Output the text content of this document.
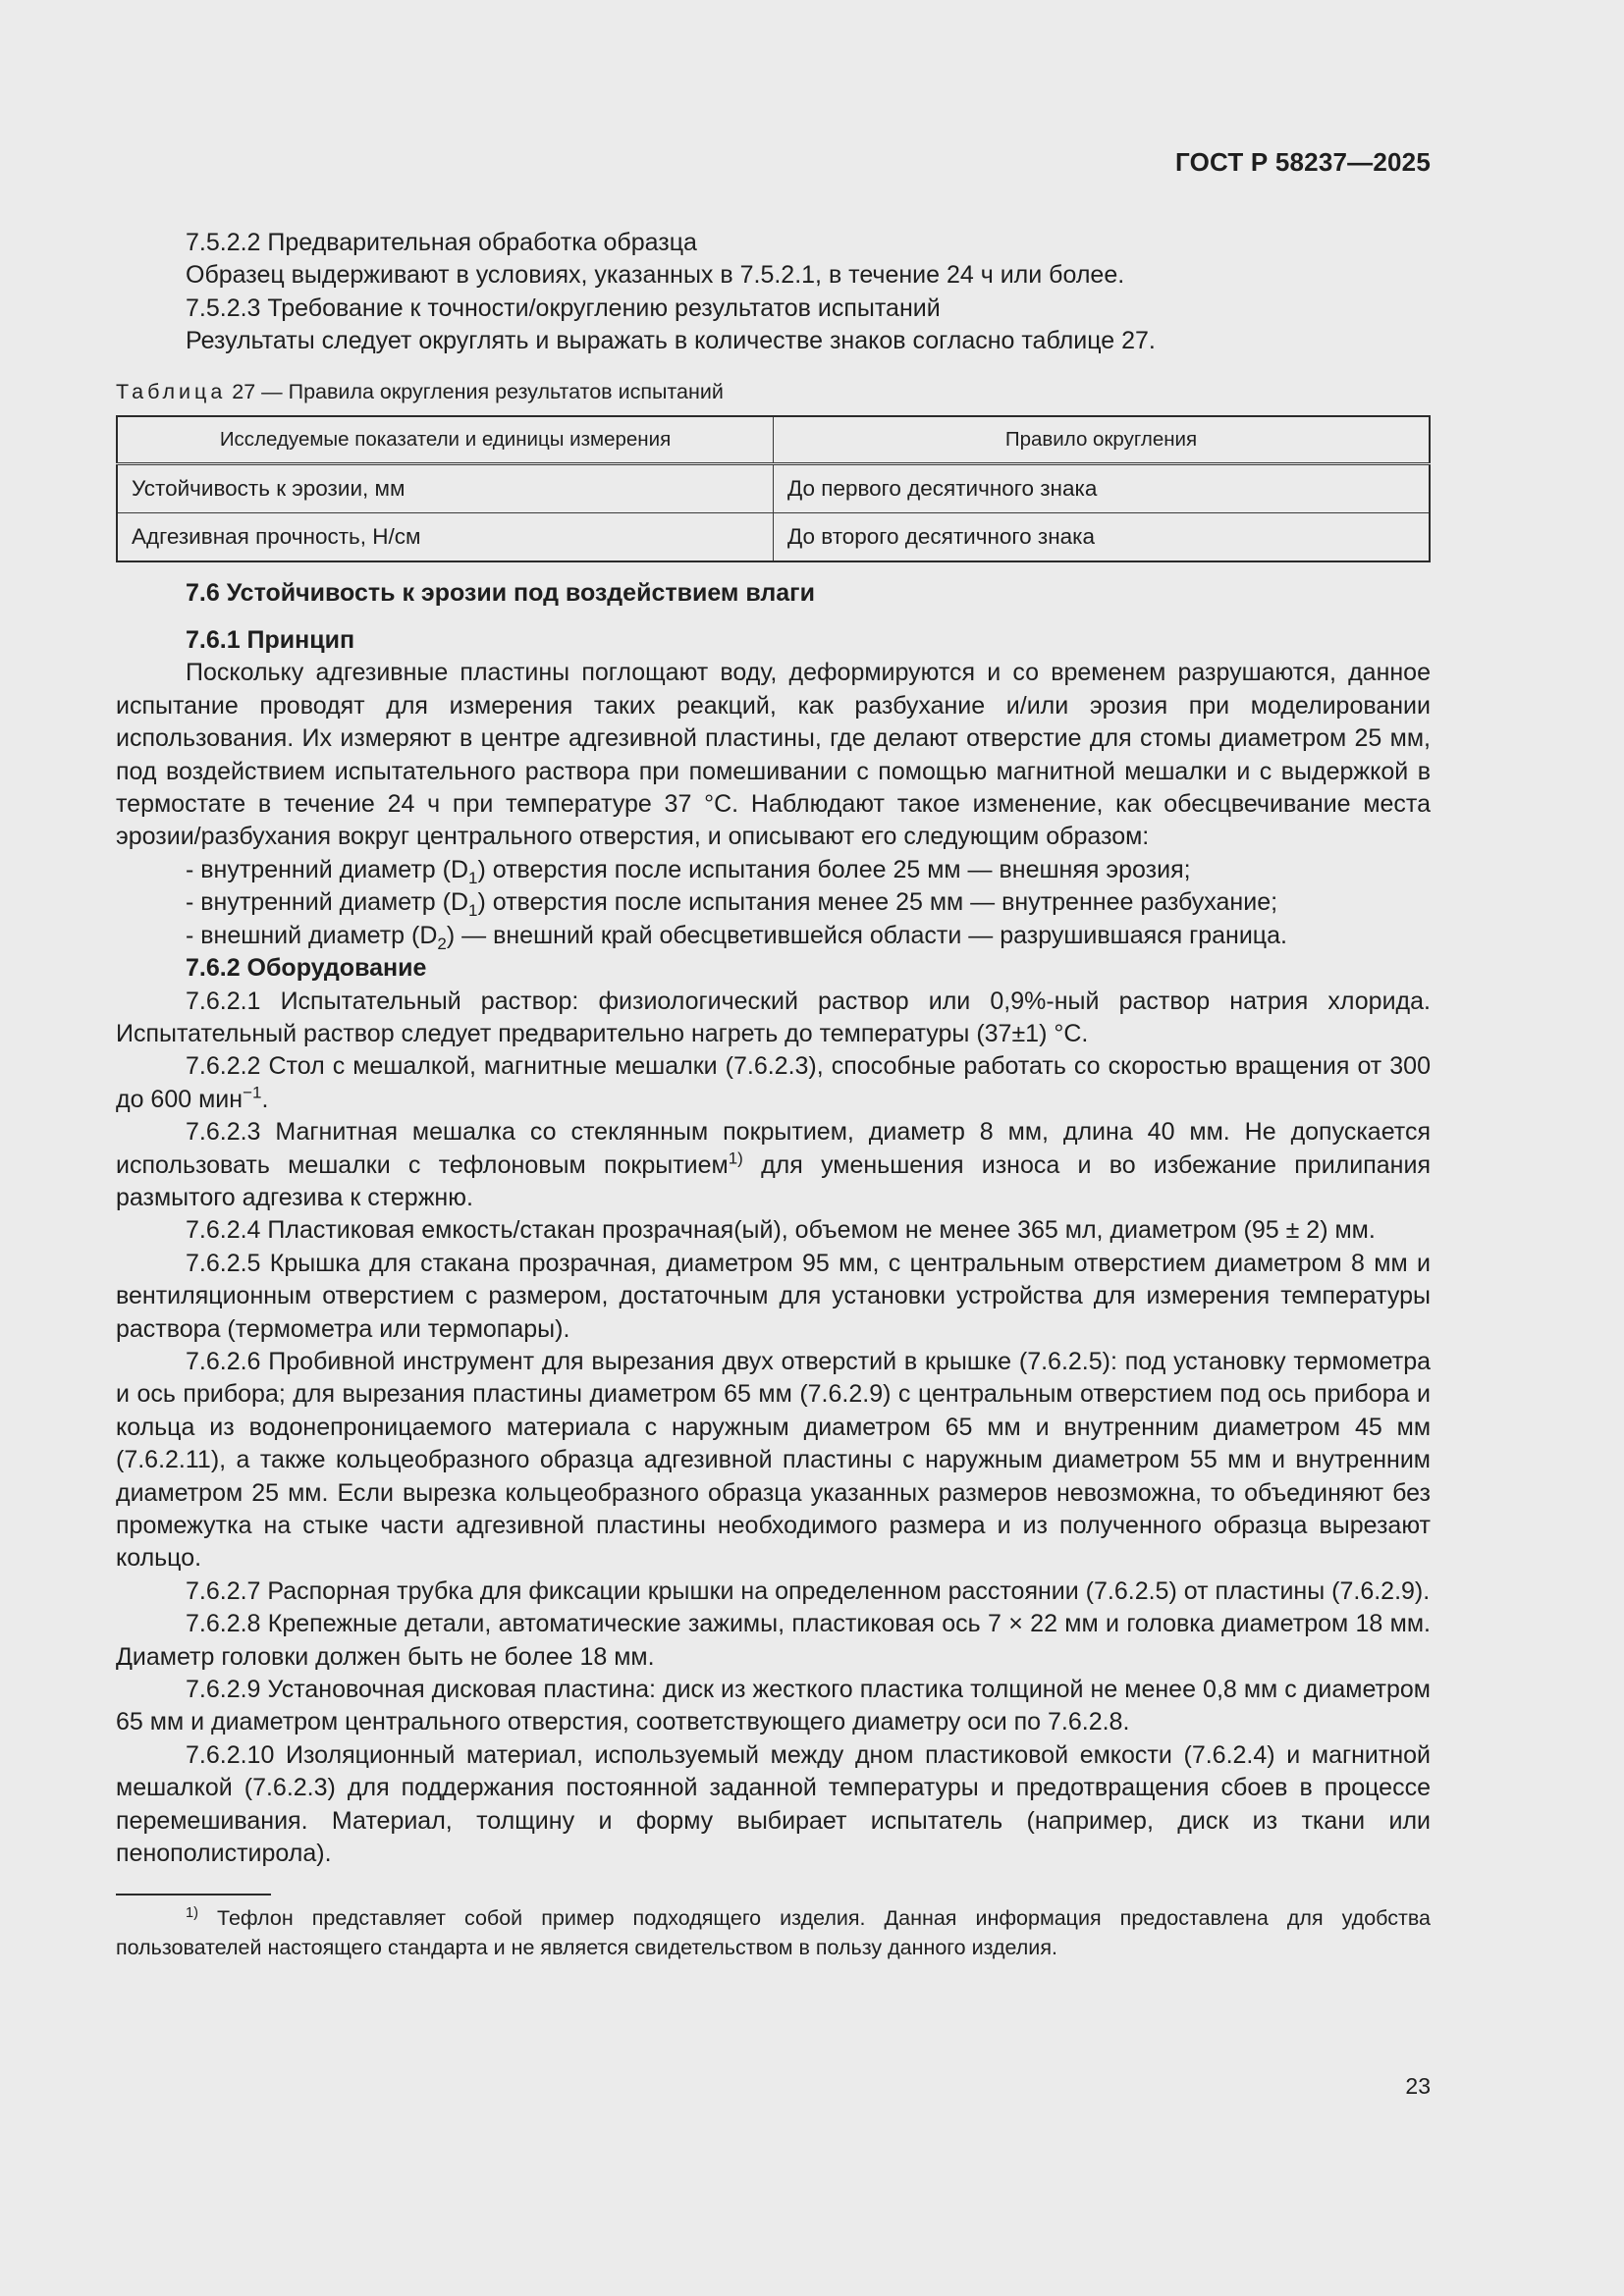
ГОСТ Р 58237—2025

7.5.2.2 Предварительная обработка образца

Образец выдерживают в условиях, указанных в 7.5.2.1, в течение 24 ч или более.

7.5.2.3 Требование к точности/округлению результатов испытаний

Результаты следует округлять и выражать в количестве знаков согласно таблице 27.

Таблица 27 — Правила округления результатов испытаний

Исследуемые показатели и единицы измерения	Правило округления
Устойчивость к эрозии, мм	До первого десятичного знака
Адгезивная прочность, Н/см	До второго десятичного знака

7.6 Устойчивость к эрозии под воздействием влаги

7.6.1 Принцип

Поскольку адгезивные пластины поглощают воду, деформируются и со временем разрушаются, данное испытание проводят для измерения таких реакций, как разбухание и/или эрозия при моделировании использования. Их измеряют в центре адгезивной пластины, где делают отверстие для стомы диаметром 25 мм, под воздействием испытательного раствора при помешивании с помощью магнитной мешалки и с выдержкой в термостате в течение 24 ч при температуре 37 °С. Наблюдают такое изменение, как обесцвечивание места эрозии/разбухания вокруг центрального отверстия, и описывают его следующим образом:

- внутренний диаметр $(D_1)$ отверстия после испытания более 25 мм — внешняя эрозия;

- внутренний диаметр $(D_1)$ отверстия после испытания менее 25 мм — внутреннее разбухание;

- внешний диаметр $(D_2)$ — внешний край обесцветившейся области — разрушившаяся граница.

7.6.2 Оборудование

7.6.2.1 Испытательный раствор: физиологический раствор или 0,9%-ный раствор натрия хлорида. Испытательный раствор следует предварительно нагреть до температуры (37±1) °С.

7.6.2.2 Стол с мешалкой, магнитные мешалки (7.6.2.3), способные работать со скоростью вращения от 300 до 600 мин$^{-1}$.

7.6.2.3 Магнитная мешалка со стеклянным покрытием, диаметр 8 мм, длина 40 мм. Не допускается использовать мешалки с тефлоновым покрытием$^{1)}$ для уменьшения износа и во избежание прилипания размытого адгезива к стержню.

7.6.2.4 Пластиковая емкость/стакан прозрачная(ый), объемом не менее 365 мл, диаметром (95 ± 2) мм.

7.6.2.5 Крышка для стакана прозрачная, диаметром 95 мм, с центральным отверстием диаметром 8 мм и вентиляционным отверстием с размером, достаточным для установки устройства для измерения температуры раствора (термометра или термопары).

7.6.2.6 Пробивной инструмент для вырезания двух отверстий в крышке (7.6.2.5): под установку термометра и ось прибора; для вырезания пластины диаметром 65 мм (7.6.2.9) с центральным отверстием под ось прибора и кольца из водонепроницаемого материала с наружным диаметром 65 мм и внутренним диаметром 45 мм (7.6.2.11), а также кольцеобразного образца адгезивной пластины с наружным диаметром 55 мм и внутренним диаметром 25 мм. Если вырезка кольцеобразного образца указанных размеров невозможна, то объединяют без промежутка на стыке части адгезивной пластины необходимого размера и из полученного образца вырезают кольцо.

7.6.2.7 Распорная трубка для фиксации крышки на определенном расстоянии (7.6.2.5) от пластины (7.6.2.9).

7.6.2.8 Крепежные детали, автоматические зажимы, пластиковая ось 7 × 22 мм и головка диаметром 18 мм. Диаметр головки должен быть не более 18 мм.

7.6.2.9 Установочная дисковая пластина: диск из жесткого пластика толщиной не менее 0,8 мм с диаметром 65 мм и диаметром центрального отверстия, соответствующего диаметру оси по 7.6.2.8.

7.6.2.10 Изоляционный материал, используемый между дном пластиковой емкости (7.6.2.4) и магнитной мешалкой (7.6.2.3) для поддержания постоянной заданной температуры и предотвращения сбоев в процессе перемешивания. Материал, толщину и форму выбирает испытатель (например, диск из ткани или пенополистирола).

$^{1)}$ Тефлон представляет собой пример подходящего изделия. Данная информация предоставлена для удобства пользователей настоящего стандарта и не является свидетельством в пользу данного изделия.

23
